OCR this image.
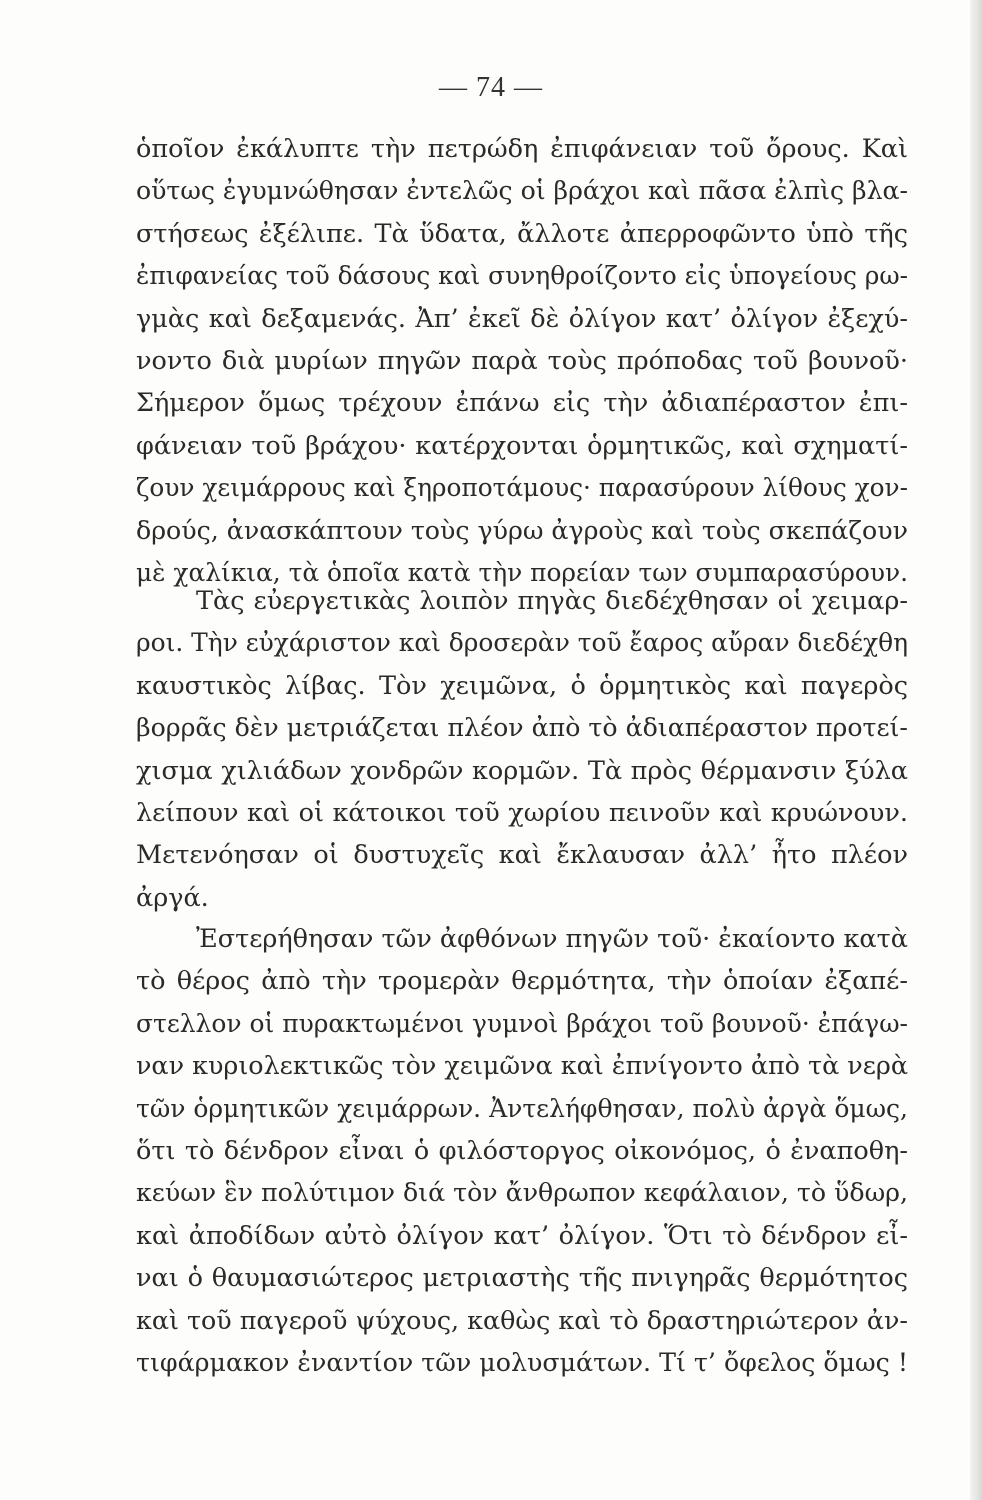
— 74 —
ὁποῖον ἐκάλυπτε τὴν πετρώδη ἐπιφάνειαν τοῦ ὄρους. Καὶ
οὕτως ἐγυμνώθησαν ἐντελῶς οἱ βράχοι καὶ πᾶσα ἐλπὶς βλα-
στήσεως ἐξέλιπε. Τὰ ὕδατα, ἄλλοτε ἀπερροφῶντο ὑπὸ τῆς
ἐπιφανείας τοῦ δάσους καὶ συνηθροίζοντο εἰς ὑπογείους ρω-
γμὰς καὶ δεξαμενάς. Ἀπ’ ἐκεῖ δὲ ὀλίγον κατ’ ὀλίγον ἐξεχύ-
νοντο διὰ μυρίων πηγῶν παρὰ τοὺς πρόποδας τοῦ βουνοῦ·
Σήμερον ὅμως τρέχουν ἐπάνω εἰς τὴν ἀδιαπέραστον ἐπι-
φάνειαν τοῦ βράχου· κατέρχονται ὁρμητικῶς, καὶ σχηματί-
ζουν χειμάρρους καὶ ξηροποτάμους· παρασύρουν λίθους χον-
δρούς, ἀνασκάπτουν τοὺς γύρω ἀγροὺς καὶ τοὺς σκεπάζουν
μὲ χαλίκια, τὰ ὁποῖα κατὰ τὴν πορείαν των συμπαρασύρουν.
Τὰς εὐεργετικὰς λοιπὸν πηγὰς διεδέχθησαν οἱ χειμαρ-
ροι. Τὴν εὐχάριστον καὶ δροσερὰν τοῦ ἔαρος αὔραν διεδέχθη
καυστικὸς λίβας. Τὸν χειμῶνα, ὁ ὁρμητικὸς καὶ παγερὸς
βορρᾶς δὲν μετριάζεται πλέον ἀπὸ τὸ ἀδιαπέραστον προτεί-
χισμα χιλιάδων χονδρῶν κορμῶν. Τὰ πρὸς θέρμανσιν ξύλα
λείπουν καὶ οἱ κάτοικοι τοῦ χωρίου πεινοῦν καὶ κρυώνουν.
Μετενόησαν οἱ δυστυχεῖς καὶ ἔκλαυσαν ἀλλ’ ἦτο πλέον
ἀργά.
Ἐστερήθησαν τῶν ἀφθόνων πηγῶν τοῦ· ἐκαίοντο κατὰ
τὸ θέρος ἀπὸ τὴν τρομερὰν θερμότητα, τὴν ὁποίαν ἐξαπέ-
στελλον οἱ πυρακτωμένοι γυμνοὶ βράχοι τοῦ βουνοῦ· ἐπάγω-
ναν κυριολεκτικῶς τὸν χειμῶνα καὶ ἐπνίγοντο ἀπὸ τὰ νερὰ
τῶν ὁρμητικῶν χειμάρρων. Ἀντελήφθησαν, πολὺ ἀργὰ ὅμως,
ὅτι τὸ δένδρον εἶναι ὁ φιλόστοργος οἰκονόμος, ὁ ἐναποθη-
κεύων ἓν πολύτιμον διά τὸν ἄνθρωπον κεφάλαιον, τὸ ὕδωρ,
καὶ ἀποδίδων αὐτὸ ὀλίγον κατ’ ὀλίγον. Ὅτι τὸ δένδρον εἶ-
ναι ὁ θαυμασιώτερος μετριαστὴς τῆς πνιγηρᾶς θερμότητος
καὶ τοῦ παγεροῦ ψύχους, καθὼς καὶ τὸ δραστηριώτερον ἀν-
τιφάρμακον ἐναντίον τῶν μολυσμάτων. Τί τ’ ὄφελος ὅμως !
